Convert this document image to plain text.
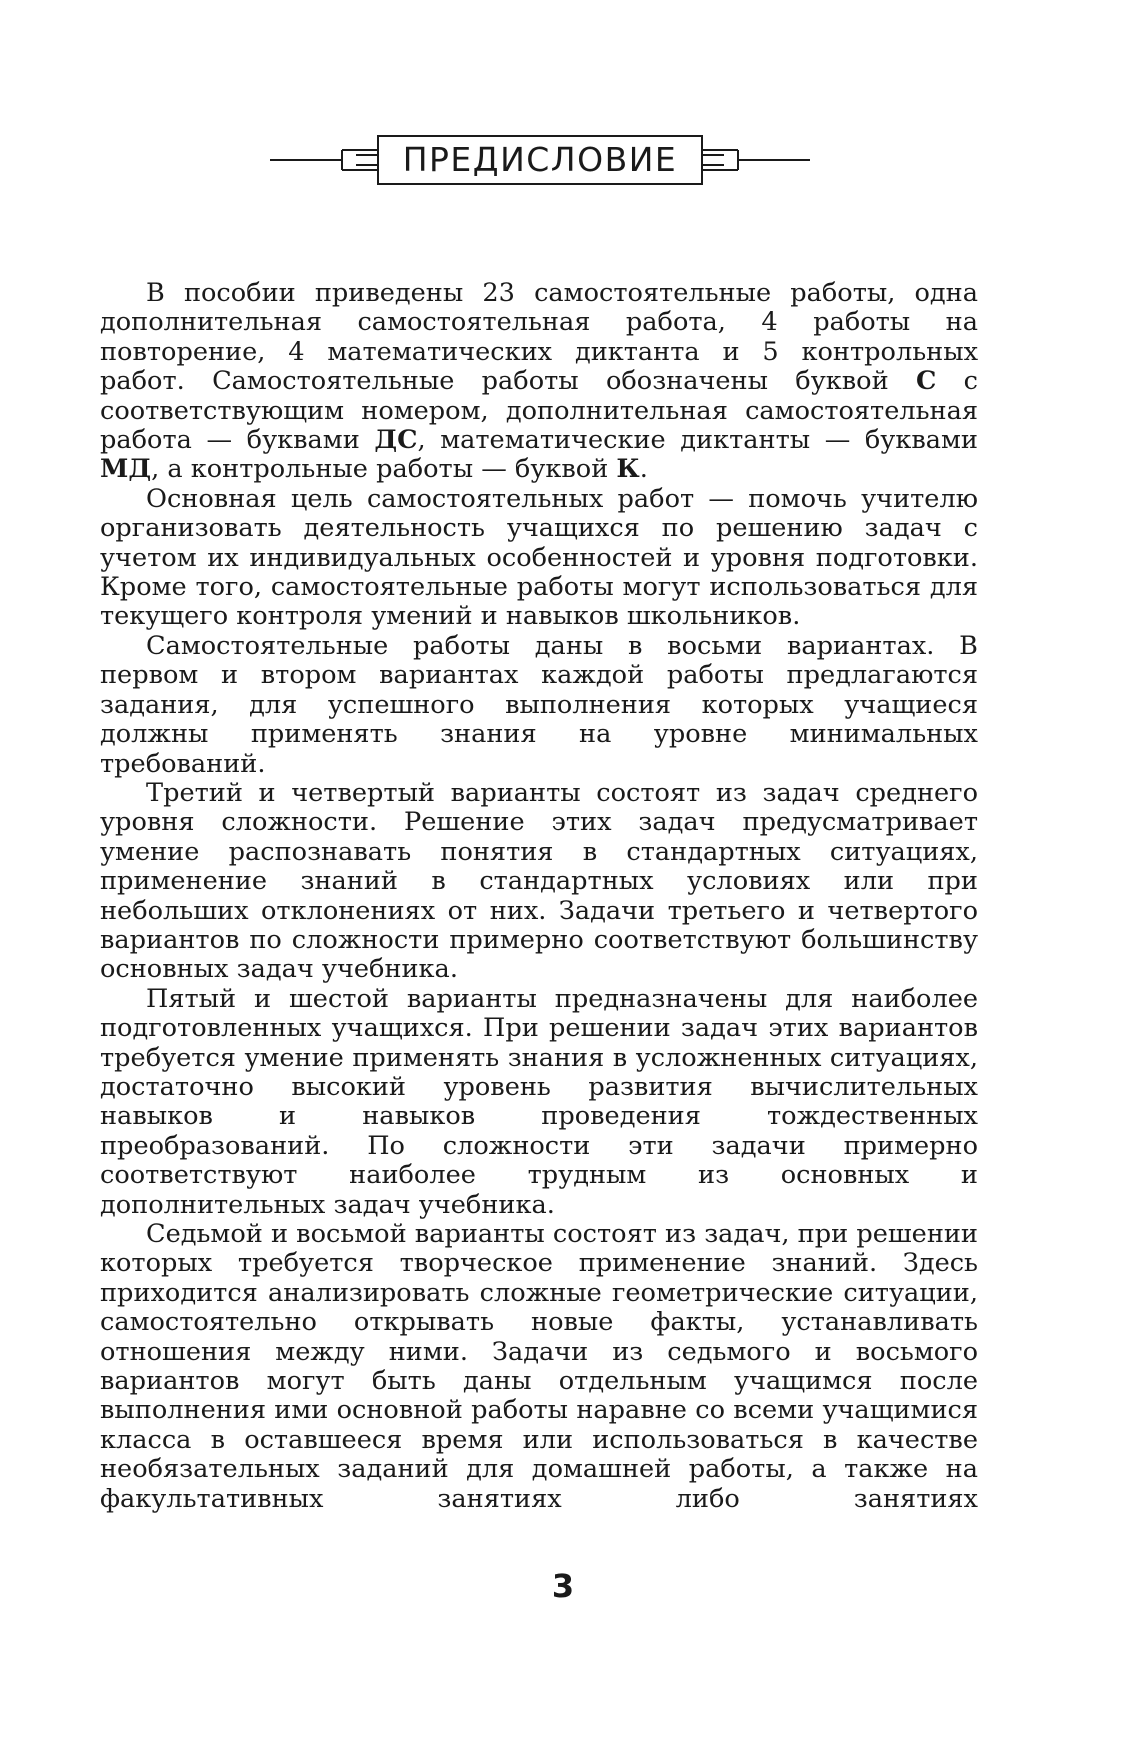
ПРЕДИСЛОВИЕ

В пособии приведены 23 самостоятельные работы, одна дополнительная самостоятельная работа, 4 работы на повторение, 4 математических диктанта и 5 контрольных работ. Самостоятельные работы обозначены буквой С с соответствующим номером, дополнительная самостоятельная работа — буквами ДС, математические диктанты — буквами МД, а контрольные работы — буквой К.

Основная цель самостоятельных работ — помочь учителю организовать деятельность учащихся по решению задач с учетом их индивидуальных особенностей и уровня подготовки. Кроме того, самостоятельные работы могут использоваться для текущего контроля умений и навыков школьников.

Самостоятельные работы даны в восьми вариантах. В первом и втором вариантах каждой работы предлагаются задания, для успешного выполнения которых учащиеся должны применять знания на уровне минимальных требований.

Третий и четвертый варианты состоят из задач среднего уровня сложности. Решение этих задач предусматривает умение распознавать понятия в стандартных ситуациях, применение знаний в стандартных условиях или при небольших отклонениях от них. Задачи третьего и четвертого вариантов по сложности примерно соответствуют большинству основных задач учебника.

Пятый и шестой варианты предназначены для наиболее подготовленных учащихся. При решении задач этих вариантов требуется умение применять знания в усложненных ситуациях, достаточно высокий уровень развития вычислительных навыков и навыков проведения тождественных преобразований. По сложности эти задачи примерно соответствуют наиболее трудным из основных и дополнительных задач учебника.

Седьмой и восьмой варианты состоят из задач, при решении которых требуется творческое применение знаний. Здесь приходится анализировать сложные геометрические ситуации, самостоятельно открывать новые факты, устанавливать отношения между ними. Задачи из седьмого и восьмого вариантов могут быть даны отдельным учащимся после выполнения ими основной работы наравне со всеми учащимися класса в оставшееся время или использоваться в качестве необязательных заданий для домашней работы, а также на факультативных занятиях либо занятиях

3
